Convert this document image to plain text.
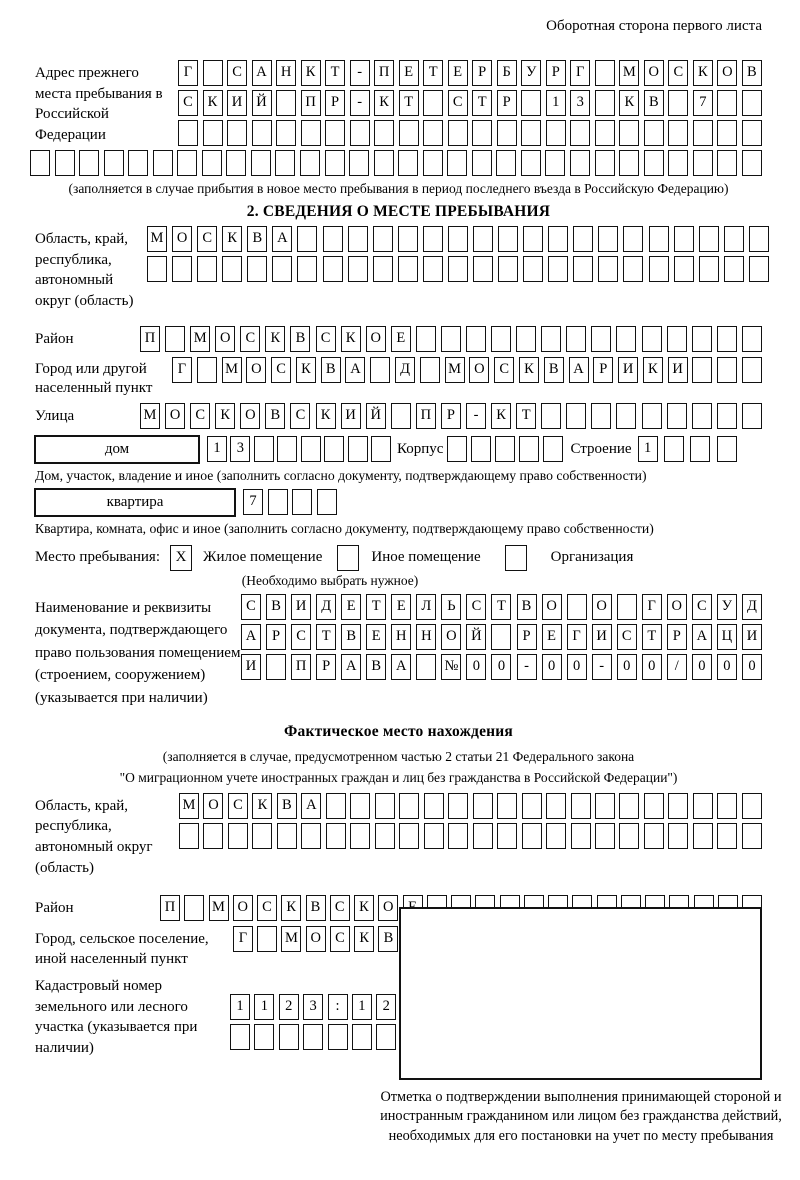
Оборотная сторона первого листа
Адрес прежнего места пребывания в Российской Федерации
Г	С А Н К	Т	-	П	Е	Т	Е	Р	Б	У	Р	Г	М О С	К О В
С	К И Й	П	Р	-	К	Т	С	Т	Р	1	3	К	В	7
(заполняется в случае прибытия в новое место пребывания в период последнего въезда в Российскую Федерацию)
2. СВЕДЕНИЯ О МЕСТЕ ПРЕБЫВАНИЯ
Область, край, республика, автономный округ (область)
М О	С	К	В	А
Район	П	М О	С	К	В	С	К	О	Е
Город или другой населенный пункт
Г	М О	С	К	В	А	Д	М О	С	К	В	А	Р	И	К	И
Улица	М О	С	К	О	В	С	К	И	Й	П	Р	-	К	Т
дом	1	3	Корпус	Строение 1
Дом, участок, владение и иное (заполнить согласно документу, подтверждающему право собственности)
квартира	7
Квартира, комната, офис и иное (заполнить согласно документу, подтверждающему право собственности)
Место пребывания:	X	Жилое помещение	Иное помещение	Организация
(Необходимо выбрать нужное)
Наименование и реквизиты документа, подтверждающего право пользования помещением (строением, сооружением) (указывается при наличии)
С	В	И	Д	Е	Т	Е	Л	Ь	С	Т	В	О	О	Г	О	С	У	Д
А	Р	С	Т	В	Е	Н	Н	О	Й	Р	Е	Г	И	С	Т	Р	А	Ц	И
И	П	Р	А	В	А	№	0	0	-	0	0	-	0	0	/	0	0	0
Фактическое место нахождения
(заполняется в случае, предусмотренном частью 2 статьи 21 Федерального закона
"О миграционном учете иностранных граждан и лиц без гражданства в Российской Федерации")
Область, край, республика, автономный округ (область)
М О С	К	В А
Район	П	М О С	К	В	С	К О
Город, сельское поселение, иной населенный пункт
Г	М О С	К	В
Кадастровый номер земельного или лесного участка (указывается при наличии)
1	1	2	3	:	1	2
Отметка о подтверждении выполнения принимающей стороной и иностранным гражданином или лицом без гражданства действий, необходимых для его постановки на учет по месту пребывания
